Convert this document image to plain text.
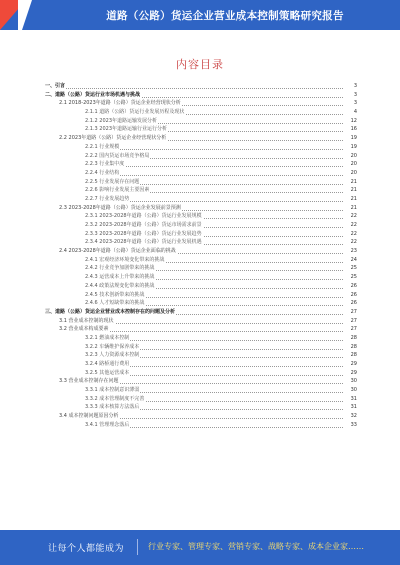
道路（公路）货运企业营业成本控制策略研究报告
内容目录
一、引言	3
二、道路（公路）货运行业市场机遇与挑战	3
2.1 2018-2023年道路（公路）货运企业经营现状分析	3
2.1.1 道路（公路）货运行业发展历程及现状	4
2.1.2 2023年道路运输发展分析	12
2.1.3 2023年道路运输行业运行分析	16
2.2 2023年道路（公路）货运企业经营现状分析	19
2.2.1 行业规模	19
2.2.2 国内货运市场竞争格局	20
2.2.3 行业集中度	20
2.2.4 行业结构	20
2.2.5 行业发展存在问题	21
2.2.6 影响行业发展主要因素	21
2.2.7 行业发展趋势	21
2.3 2023-2028年道路（公路）货运企业发展前景预测	21
2.3.1 2023-2028年道路（公路）货运行业发展规模	22
2.3.2 2023-2028年道路（公路）货运市场需求前景	22
2.3.3 2023-2028年道路（公路）货运行业发展趋势	22
2.3.4 2023-2028年道路（公路）货运行业发展机遇	22
2.4 2023-2028年道路（公路）货运企业面临的挑战	23
2.4.1 宏观经济环境变化带来的挑战	24
2.4.2 行业竞争加剧带来的挑战	25
2.4.3 运营成本上升带来的挑战	25
2.4.4 政策法规变化带来的挑战	26
2.4.5 技术创新带来的挑战	26
2.4.6 人才短缺带来的挑战	26
三、道路（公路）货运企业营业成本控制存在的问题及分析	27
3.1 营业成本控制的现状	27
3.2 营业成本构成要素	27
3.2.1 燃油成本控制	28
3.2.2 车辆维护保养成本	28
3.2.3 人力资源成本控制	28
3.2.4 路桥通行费用	29
3.2.5 其他运营成本	29
3.3 营业成本控制存在问题	30
3.3.1 成本控制意识薄弱	30
3.3.2 成本管理制度不完善	31
3.3.3 成本核算方法落后	31
3.4 成本控制问题原因分析	32
3.4.1 管理理念落后	33
让每个人都能成为	行业专家、管理专家、营销专家、战略专家、成本企业家……
